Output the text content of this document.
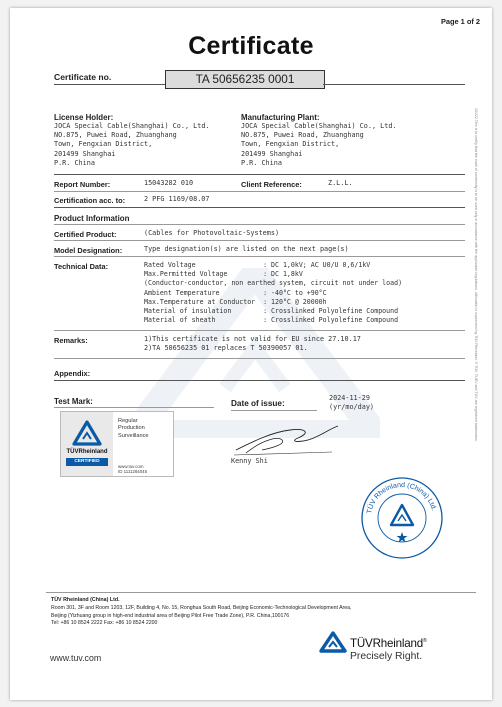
Page 1 of 2
Certificate
Certificate no.	TA 50656235 0001
License Holder:
JOCA Special Cable(Shanghai) Co., Ltd.
NO.875, Puwei Road, Zhuanghang
Town, Fengxian District,
201499 Shanghai
P.R. China
Manufacturing Plant:
JOCA Special Cable(Shanghai) Co., Ltd.
NO.875, Puwei Road, Zhuanghang
Town, Fengxian District,
201499 Shanghai
P.R. China
Report Number:	15043282 010	Client Reference:	Z.L.L.
Certification acc. to:	2 PFG 1169/08.07
Product Information
Certified Product:	(Cables for Photovoltaic-Systems)
Model Designation:	Type designation(s) are listed on the next page(s)
Technical Data:	Rated Voltage                 : DC 1,0kV; AC U0/U 0,6/1kV
Max.Permitted Voltage         : DC 1,8kV
(Conductor-conductor, non earthed system, circuit not under load)
Ambient Temperature           : -40°C to +90°C
Max.Temperature at Conductor  : 120°C @ 20000h
Material of insulation        : Crosslinked Polyolefine Compound
Material of sheath            : Crosslinked Polyolefine Compound
Remarks:	1)This certificate is not valid for EU since 27.10.17
2)TA 50656235 01 replaces T 50390057 01.
Appendix:
Test Mark:
TÜVRheinland
CERTIFIED
Regular
Production
Surveillance
www.tuv.com
ID 1111284045
Date of issue:
2024-11-29
(yr/mo/day)
Kenny Shi
TÜV Rheinland (China) Ltd.
10/222 This is to certify that the mark of conformity is to be used only in accordance with the applicable regulations. Utilization is supervised by TÜV Rheinland. ® TÜV, TUEV and TUV are registered trademarks.
TÜV Rheinland (China) Ltd.
Room 301, 3F and Room 1203, 12F, Building 4, No. 15, Ronghua South Road, Beijing Economic-Technological Development Area,
Beijing (Yizhuang group in high-end industrial area of Beijing Pilot Free Trade Zone), P.R. China,100176
Tel: +86 10 8524 2222 Fax: +86 10 8524 2200
www.tuv.com
TÜVRheinland®
Precisely Right.
